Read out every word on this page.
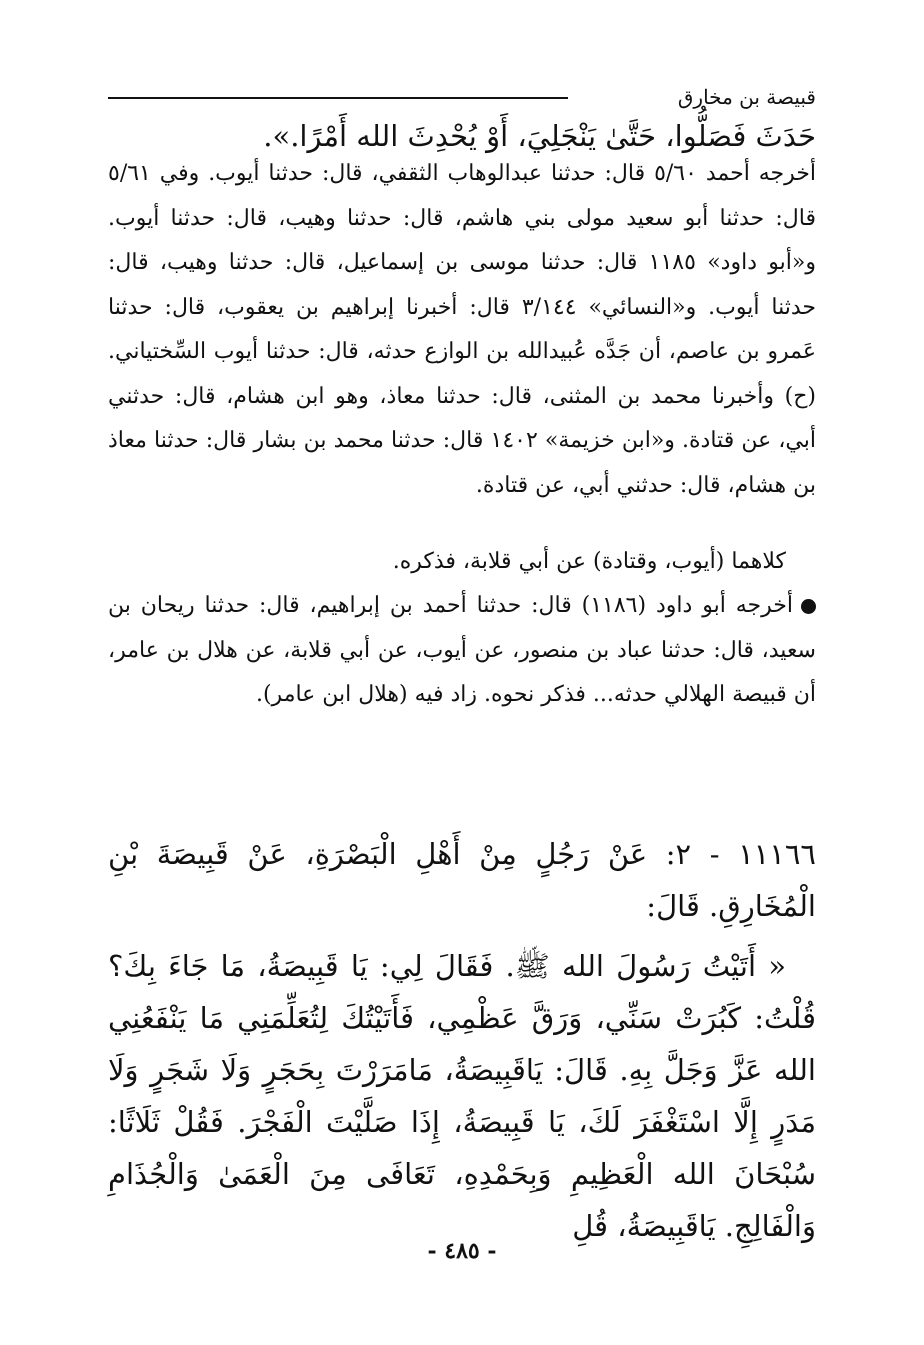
قبيصة بن مخارق
حَدَثَ فَصَلُّوا، حَتَّىٰ يَنْجَلِيَ، أَوْ يُحْدِثَ الله أَمْرًا.».
أخرجه أحمد ٥/٦٠ قال: حدثنا عبدالوهاب الثقفي، قال: حدثنا أيوب. وفي ٥/٦١ قال: حدثنا أبو سعيد مولى بني هاشم، قال: حدثنا وهيب، قال: حدثنا أيوب. و«أبو داود» ١١٨٥ قال: حدثنا موسى بن إسماعيل، قال: حدثنا وهيب، قال: حدثنا أيوب. و«النسائي» ٣/١٤٤ قال: أخبرنا إبراهيم بن يعقوب، قال: حدثنا عَمرو بن عاصم، أن جَدَّه عُبيدالله بن الوازع حدثه، قال: حدثنا أيوب السِّختياني. (ح) وأخبرنا محمد بن المثنى، قال: حدثنا معاذ، وهو ابن هشام، قال: حدثني أبي، عن قتادة. و«ابن خزيمة» ١٤٠٢ قال: حدثنا محمد بن بشار قال: حدثنا معاذ بن هشام، قال: حدثني أبي، عن قتادة.
كلاهما (أيوب، وقتادة) عن أبي قلابة، فذكره.
أخرجه أبو داود (١١٨٦) قال: حدثنا أحمد بن إبراهيم، قال: حدثنا ريحان بن سعيد، قال: حدثنا عباد بن منصور، عن أيوب، عن أبي قلابة، عن هلال بن عامر، أن قبيصة الهلالي حدثه... فذكر نحوه. زاد فيه (هلال ابن عامر).
١١١٦٦ - ٢: عَنْ رَجُلٍ مِنْ أَهْلِ الْبَصْرَةِ، عَنْ قَبِيصَةَ بْنِ الْمُخَارِقِ. قَالَ:
« أَتَيْتُ رَسُولَ الله ﷺ. فَقَالَ لِي: يَا قَبِيصَةُ، مَا جَاءَ بِكَ؟ قُلْتُ: كَبُرَتْ سَنِّي، وَرَقَّ عَظْمِي، فَأَتَيْتُكَ لِتُعَلِّمَنِي مَا يَنْفَعُنِي الله عَزَّ وَجَلَّ بِهِ. قَالَ: يَاقَبِيصَةُ، مَامَرَرْتَ بِحَجَرٍ وَلَا شَجَرٍ وَلَا مَدَرٍ إِلَّا اسْتَغْفَرَ لَكَ، يَا قَبِيصَةُ، إِذَا صَلَّيْتَ الْفَجْرَ. فَقُلْ ثَلَاثًا: سُبْحَانَ الله الْعَظِيمِ وَبِحَمْدِهِ، تَعَافَى مِنَ الْعَمَىٰ وَالْجُذَامِ وَالْفَالِجِ. يَاقَبِيصَةُ، قُلِ
- ٤٨٥ -
